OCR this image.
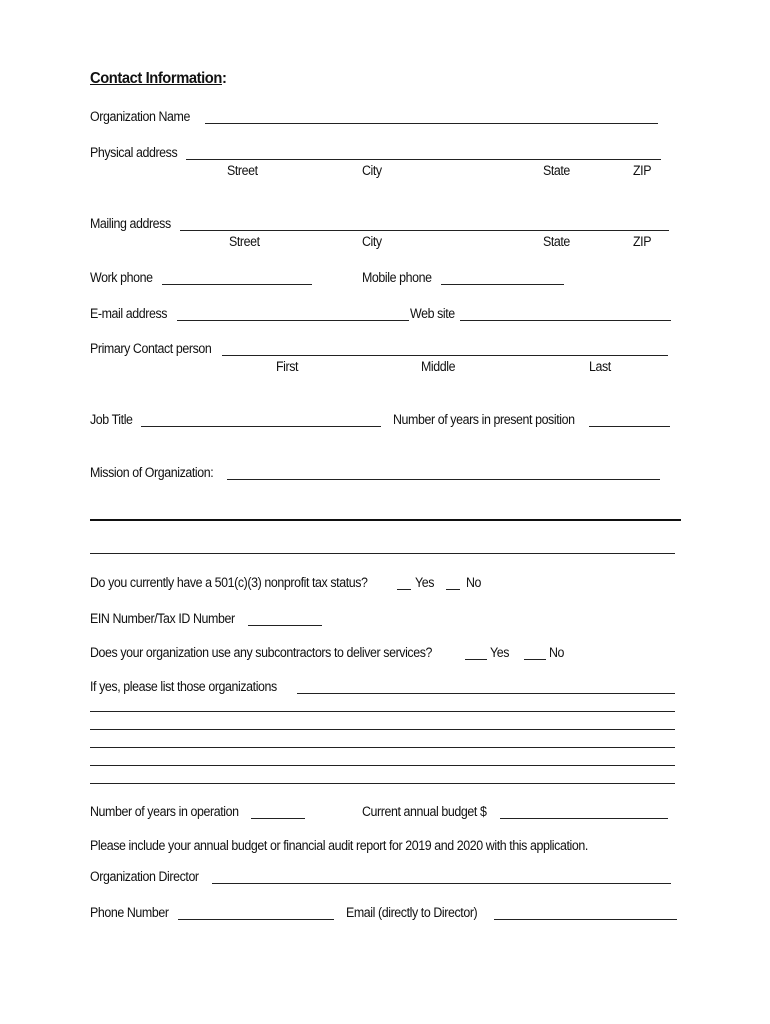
Contact Information:
Organization Name
Physical address
Street	City	State	ZIP
Mailing address
Street	City	State	ZIP
Work phone	Mobile phone
E-mail address	Web site
Primary Contact person
First	Middle	Last
Job Title	Number of years in present position
Mission of Organization:
Do you currently have a 501(c)(3) nonprofit tax status?	Yes No
EIN Number/Tax ID Number
Does your organization use any subcontractors to deliver services?	Yes	No
If yes, please list those organizations
Number of years in operation	Current annual budget $
Please include your annual budget or financial audit report for 2019 and 2020 with this application.
Organization Director
Phone Number	Email (directly to Director)
